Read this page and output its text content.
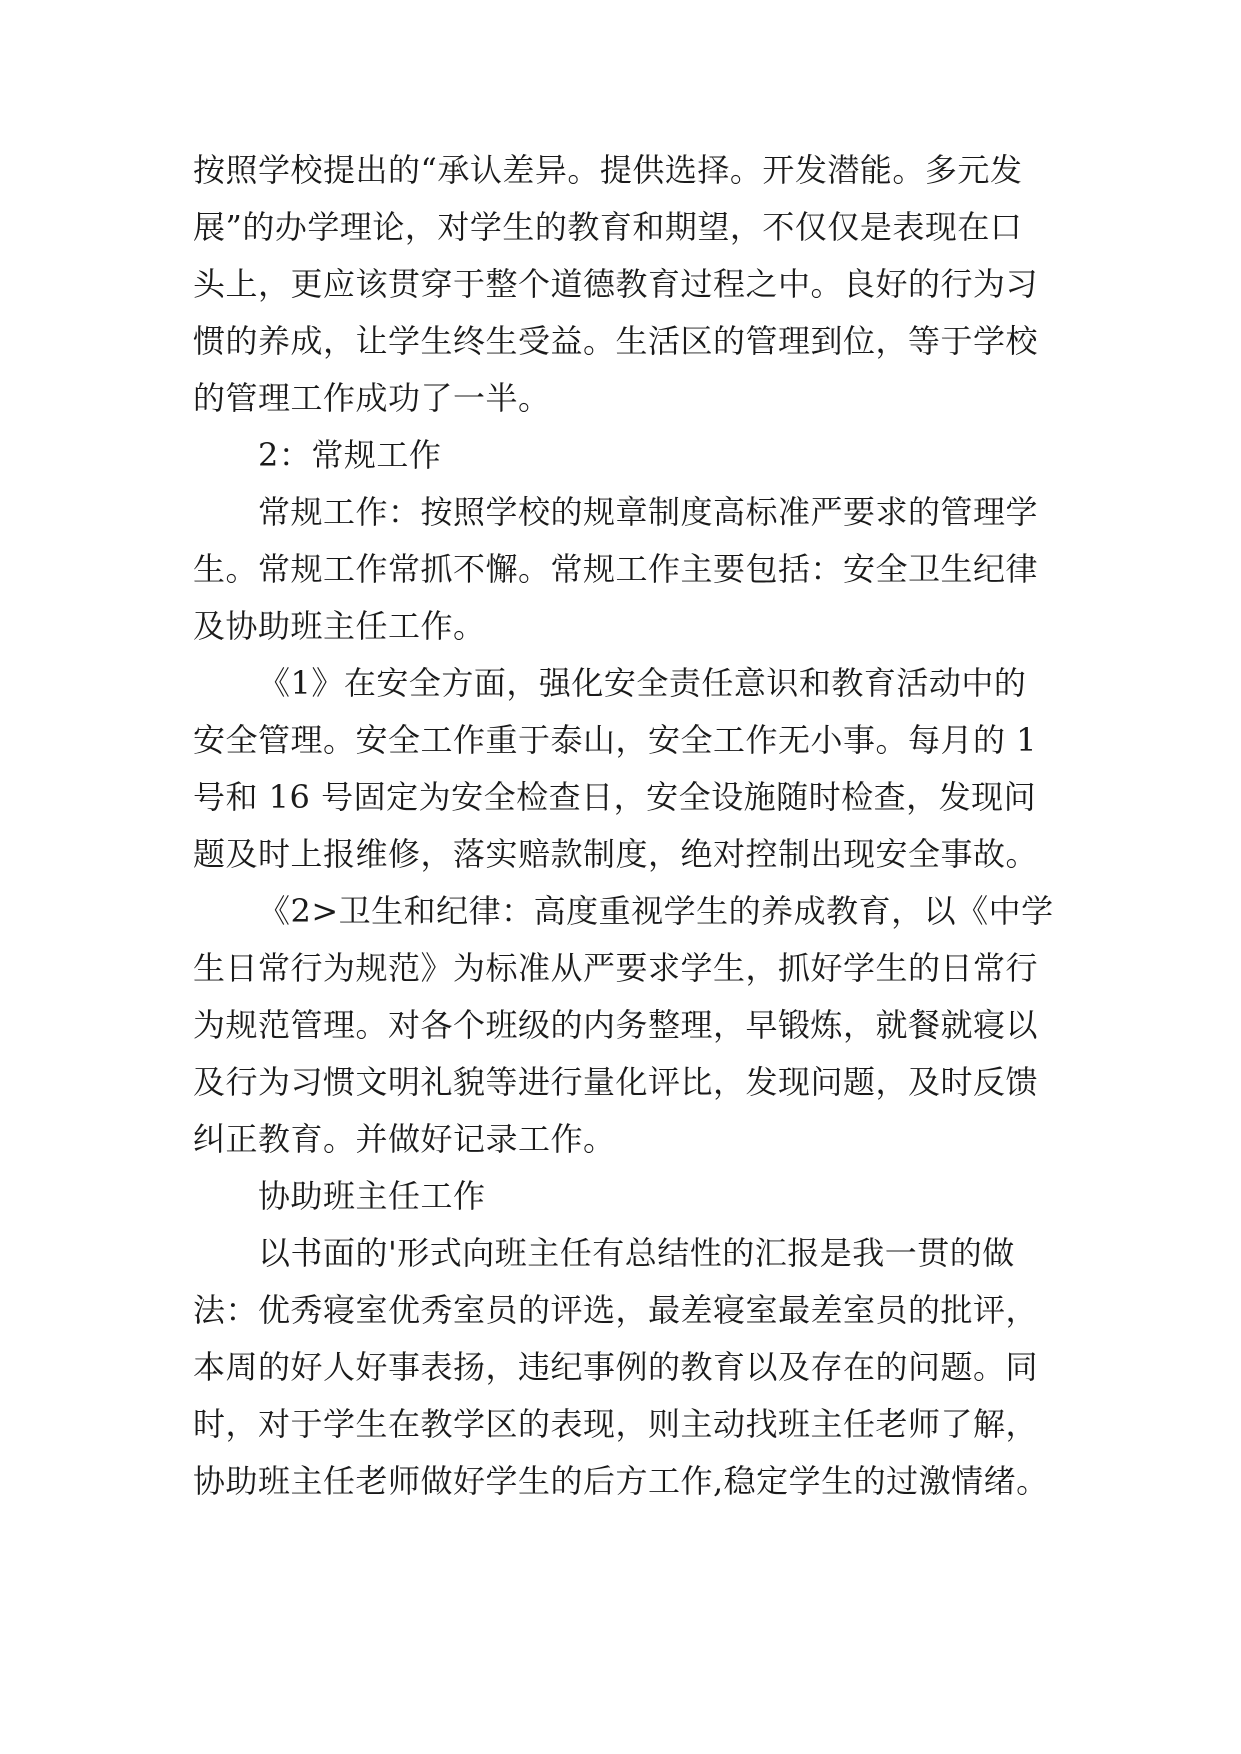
按照学校提出的“承认差异。提供选择。开发潜能。多元发
展”的办学理论，对学生的教育和期望，不仅仅是表现在口
头上，更应该贯穿于整个道德教育过程之中。良好的行为习
惯的养成，让学生终生受益。生活区的管理到位，等于学校
的管理工作成功了一半。
2：常规工作
常规工作：按照学校的规章制度高标准严要求的管理学
生。常规工作常抓不懈。常规工作主要包括：安全卫生纪律
及协助班主任工作。
《1》在安全方面，强化安全责任意识和教育活动中的
安全管理。安全工作重于泰山，安全工作无小事。每月的 1
号和 16 号固定为安全检查日，安全设施随时检查，发现问
题及时上报维修，落实赔款制度，绝对控制出现安全事故。
《2>卫生和纪律：高度重视学生的养成教育，以《中学
生日常行为规范》为标准从严要求学生，抓好学生的日常行
为规范管理。对各个班级的内务整理，早锻炼，就餐就寝以
及行为习惯文明礼貌等进行量化评比，发现问题，及时反馈
纠正教育。并做好记录工作。
协助班主任工作
以书面的'形式向班主任有总结性的汇报是我一贯的做
法：优秀寝室优秀室员的评选，最差寝室最差室员的批评，
本周的好人好事表扬，违纪事例的教育以及存在的问题。同
时，对于学生在教学区的表现，则主动找班主任老师了解，
协助班主任老师做好学生的后方工作,稳定学生的过激情绪。
